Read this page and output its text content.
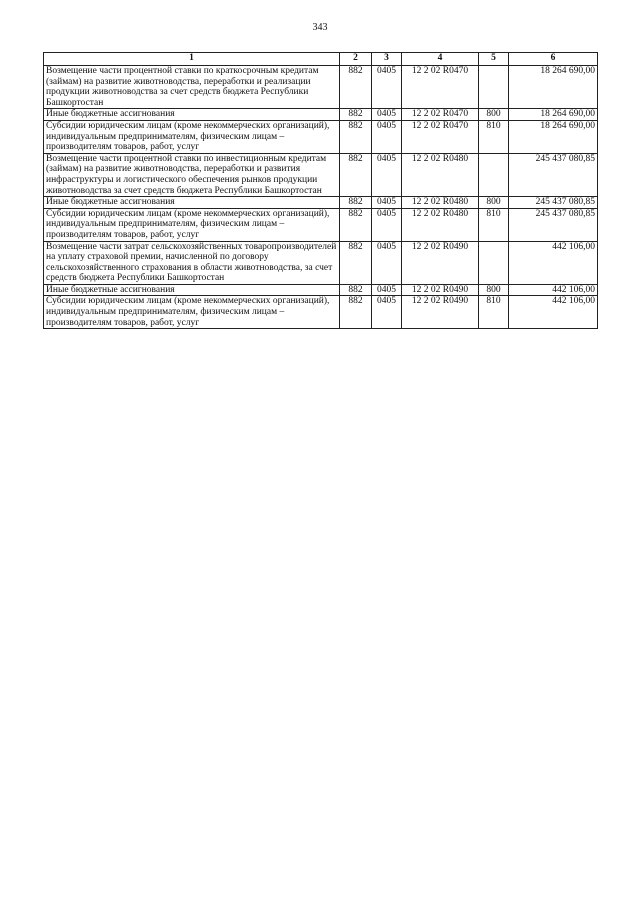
343
1	2	3	4	5	6
Возмещение части процентной ставки по краткосрочным кредитам (займам) на развитие животноводства, переработки и реализации продукции животноводства за счет средств бюджета Республики Башкортостан	882	0405	12 2 02 R0470		18 264 690,00
Иные бюджетные ассигнования	882	0405	12 2 02 R0470	800	18 264 690,00
Субсидии юридическим лицам (кроме некоммерческих организаций), индивидуальным предпринимателям, физическим лицам – производителям товаров, работ, услуг	882	0405	12 2 02 R0470	810	18 264 690,00
Возмещение части процентной ставки по инвестиционным кредитам (займам) на развитие животноводства, переработки и развития инфраструктуры и логистического обеспечения рынков продукции животноводства за счет средств бюджета Республики Башкортостан	882	0405	12 2 02 R0480		245 437 080,85
Иные бюджетные ассигнования	882	0405	12 2 02 R0480	800	245 437 080,85
Субсидии юридическим лицам (кроме некоммерческих организаций), индивидуальным предпринимателям, физическим лицам – производителям товаров, работ, услуг	882	0405	12 2 02 R0480	810	245 437 080,85
Возмещение части затрат сельскохозяйственных товаропроизводителей на уплату страховой премии, начисленной по договору сельскохозяйственного страхования в области животноводства, за счет средств бюджета Республики Башкортостан	882	0405	12 2 02 R0490		442 106,00
Иные бюджетные ассигнования	882	0405	12 2 02 R0490	800	442 106,00
Субсидии юридическим лицам (кроме некоммерческих организаций), индивидуальным предпринимателям, физическим лицам – производителям товаров, работ, услуг	882	0405	12 2 02 R0490	810	442 106,00
